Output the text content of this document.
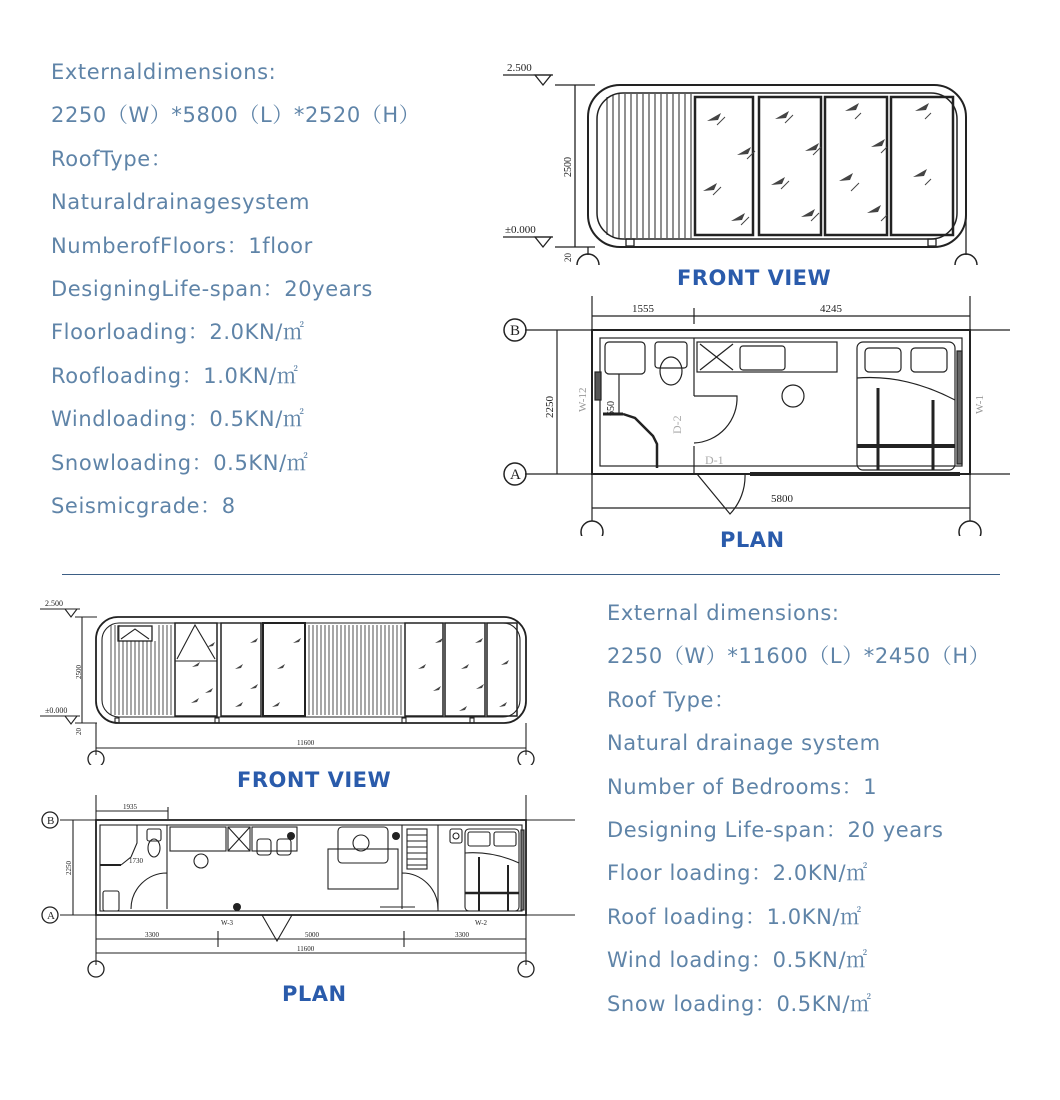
Externaldimensions:
2250（W）*5800（L）*2520（H）
RoofType：
Naturaldrainagesystem
NumberofFloors：1floor
DesigningLife-span：20years
Floorloading：2.0KN/㎡
Roofloading：1.0KN/㎡
Windloading：0.5KN/㎡
Snowloading：0.5KN/㎡
Seismicgrade：8
2.500
±0.000
2500
20
FRONT VIEW
1555	4245
5800
B
A
2250	650
W-12	W-1
D-2
D-1
PLAN
2.500
±0.000
2500
20
11600
FRONT VIEW
1935
1730
3300	5000	3300
11600
B
A
2250
W-3	W-2
PLAN
External dimensions:
2250（W）*11600（L）*2450（H）
Roof Type：
Natural drainage system
Number of Bedrooms：1
Designing Life-span：20 years
Floor loading：2.0KN/㎡
Roof loading：1.0KN/㎡
Wind loading：0.5KN/㎡
Snow loading：0.5KN/㎡
